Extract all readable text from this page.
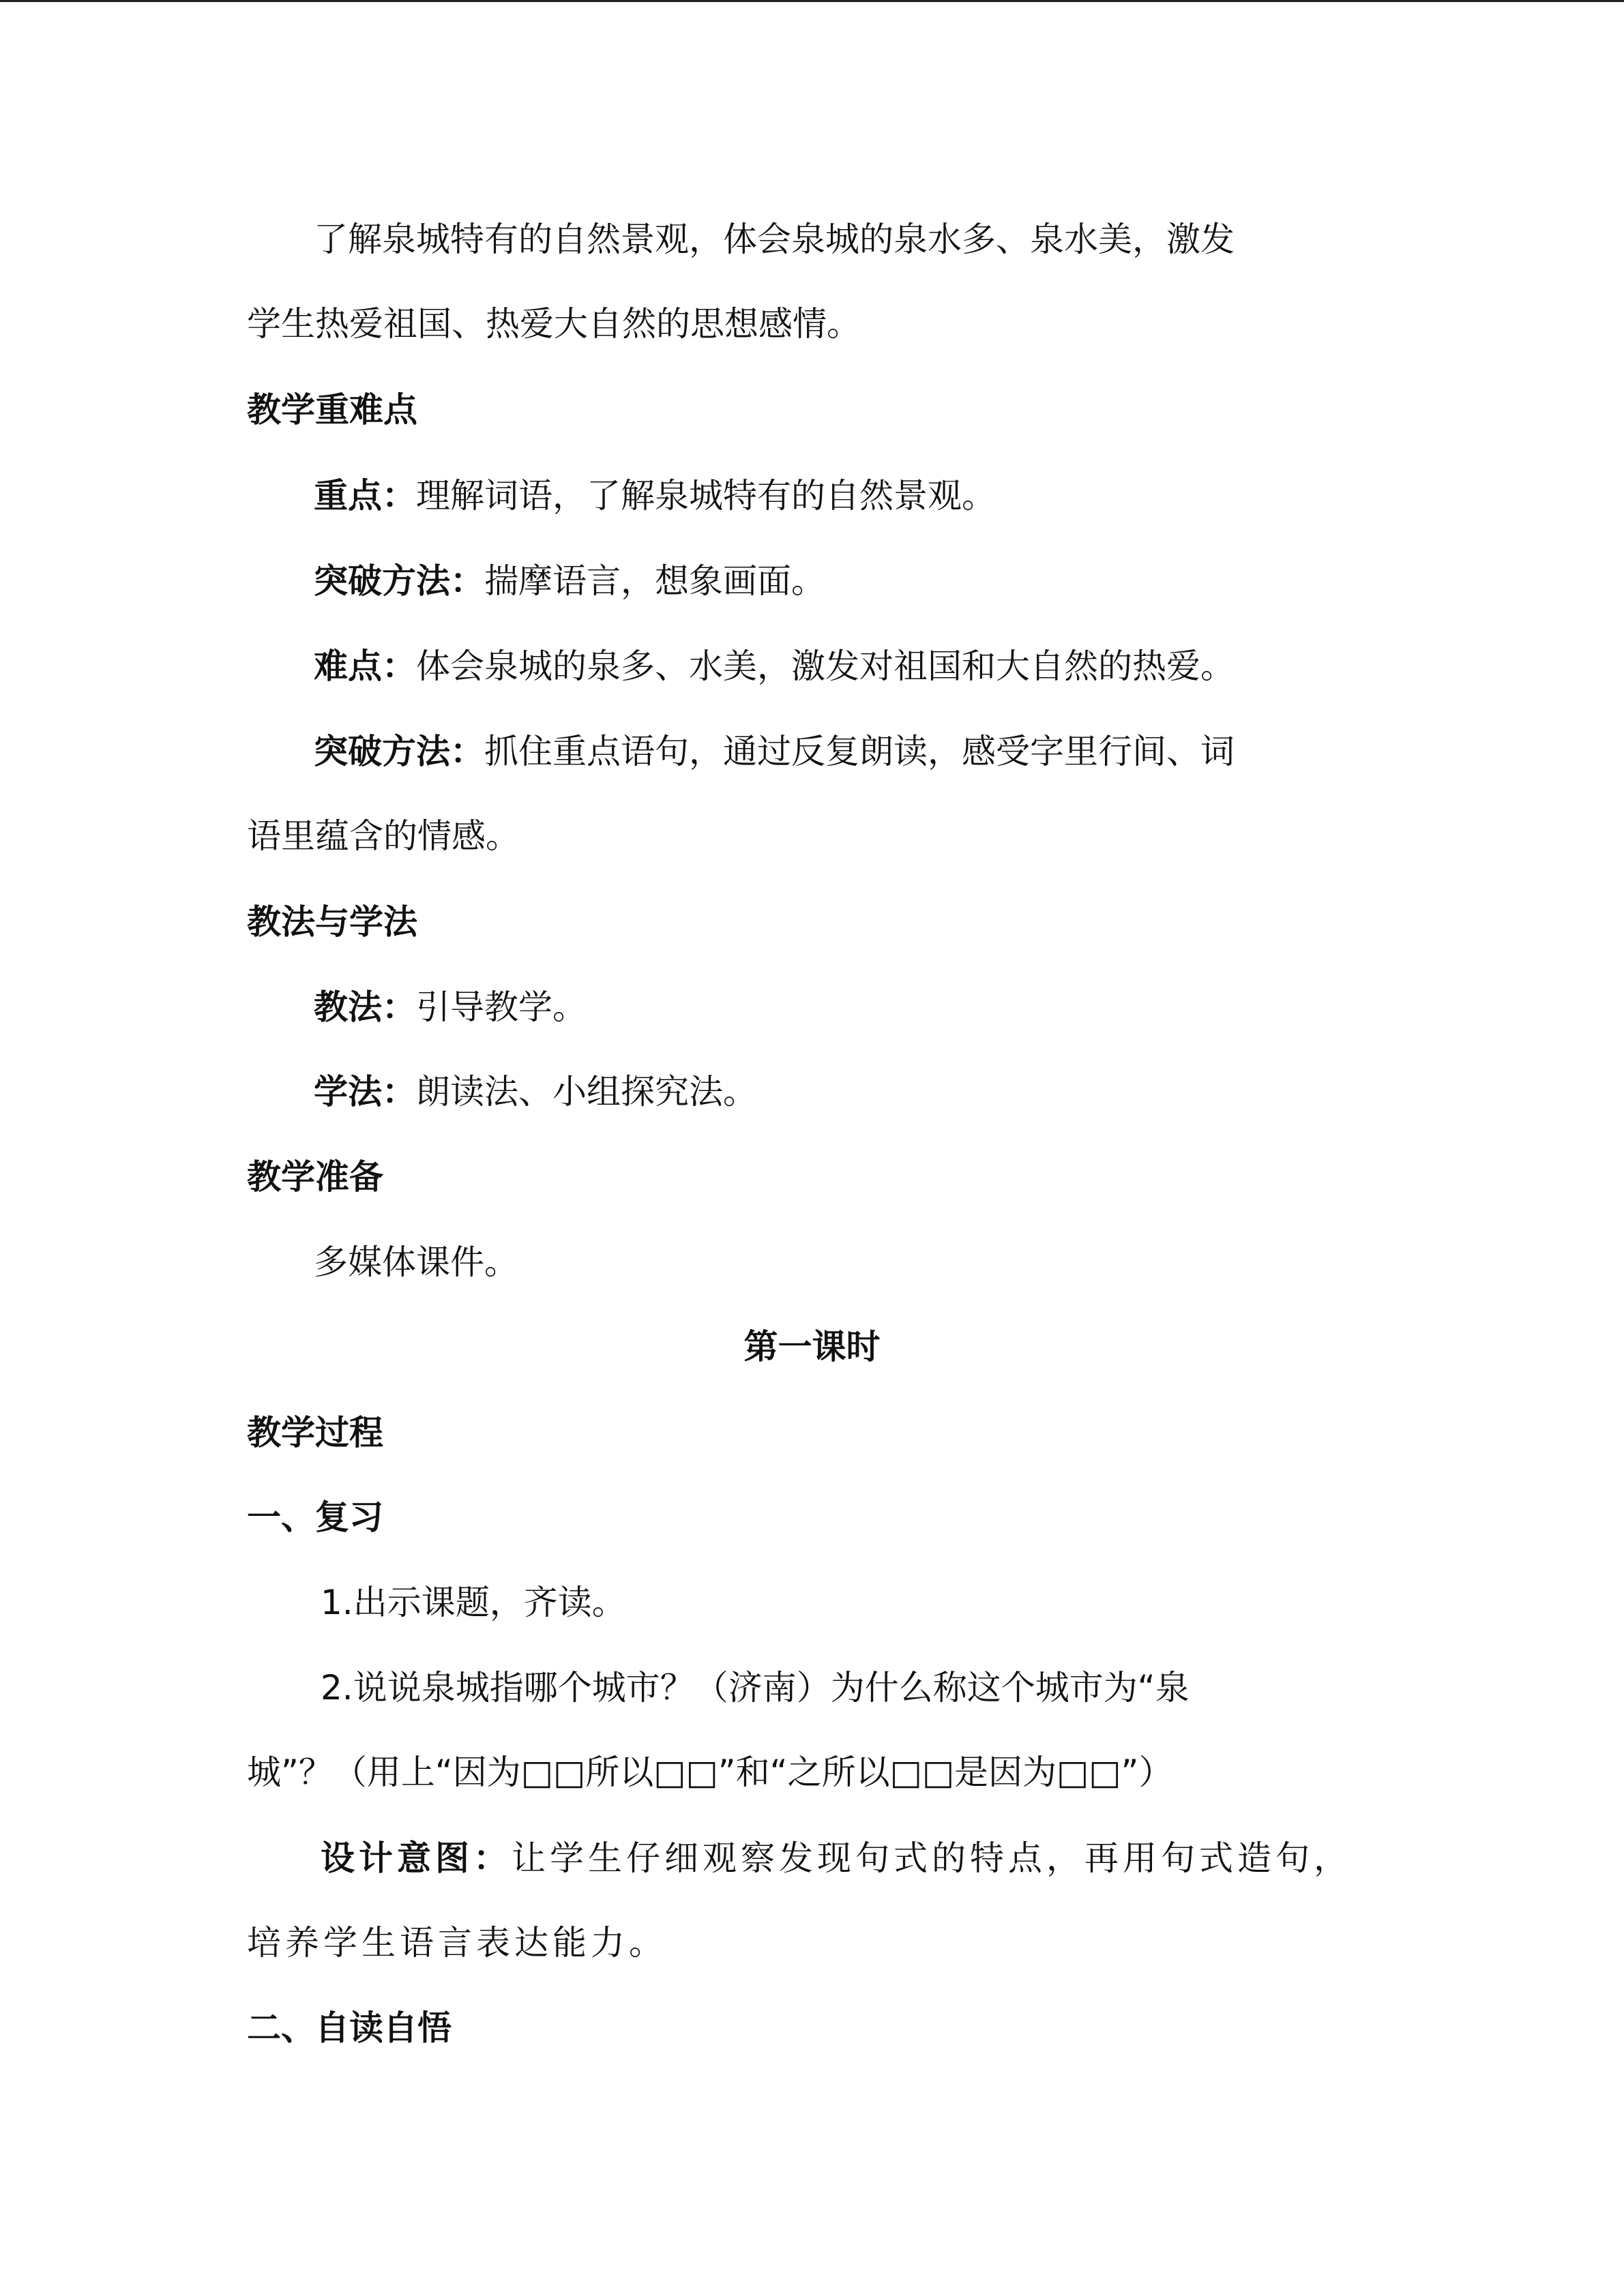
了解泉城特有的自然景观，体会泉城的泉水多、泉水美，激发
学生热爱祖国、热爱大自然的思想感情。
教学重难点
重点：理解词语，了解泉城特有的自然景观。
突破方法：揣摩语言，想象画面。
难点：体会泉城的泉多、水美，激发对祖国和大自然的热爱。
突破方法：抓住重点语句，通过反复朗读，感受字里行间、词
语里蕴含的情感。
教法与学法
教法：引导教学。
学法：朗读法、小组探究法。
教学准备
多媒体课件。
第一课时
教学过程
一、复习
1.出示课题，齐读。
2.说说泉城指哪个城市？（济南）为什么称这个城市为“泉
城”？（用上“因为□□所以□□”和“之所以□□是因为□□”）
设计意图：让学生仔细观察发现句式的特点，再用句式造句，
培养学生语言表达能力。
二、自读自悟
